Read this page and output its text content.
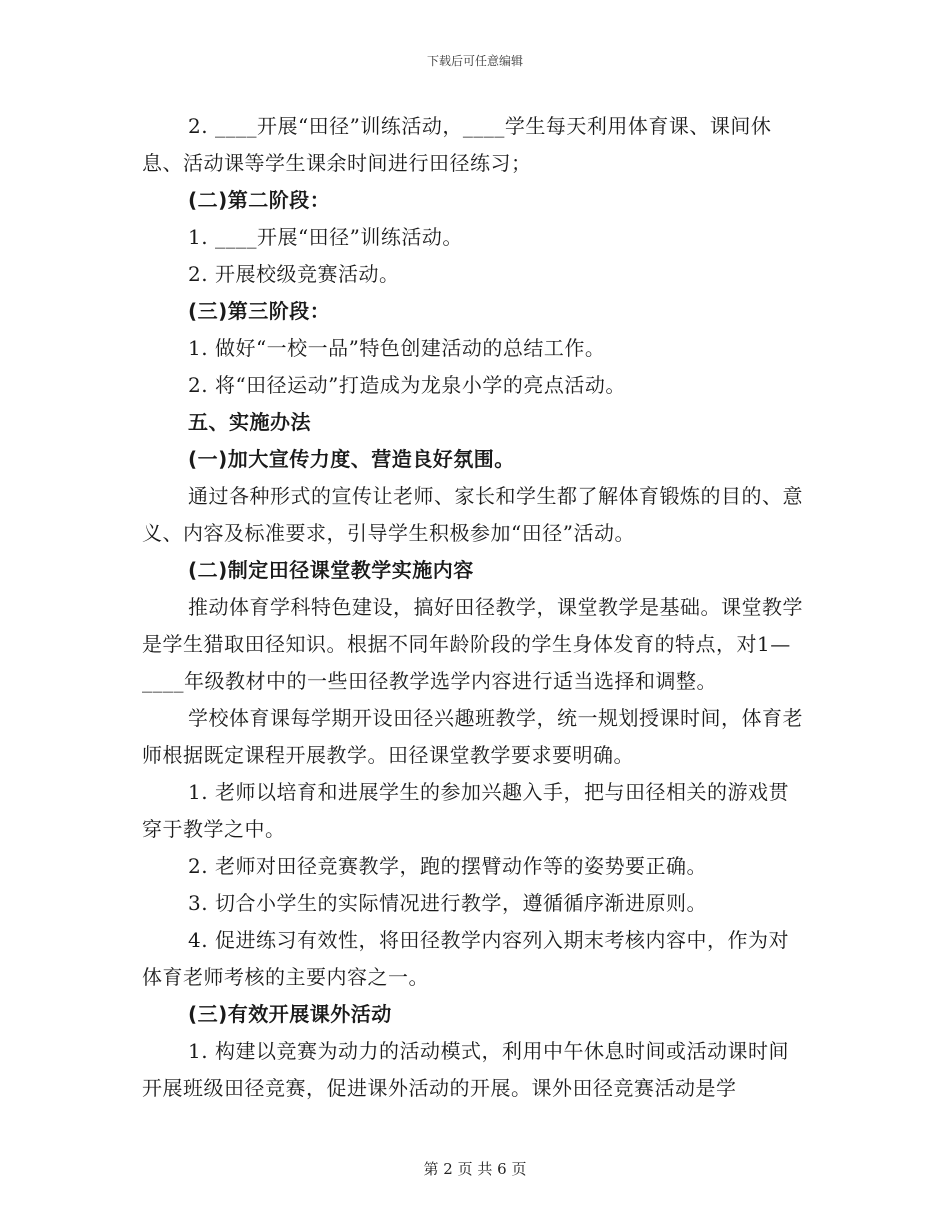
下载后可任意编辑

2. ____开展“田径”训练活动，____学生每天利用体育课、课间休息、活动课等学生课余时间进行田径练习；

(二)第二阶段：

1. ____开展“田径”训练活动。

2. 开展校级竞赛活动。

(三)第三阶段：

1. 做好“一校一品”特色创建活动的总结工作。

2. 将“田径运动”打造成为龙泉小学的亮点活动。

五、实施办法

(一)加大宣传力度、营造良好氛围。

通过各种形式的宣传让老师、家长和学生都了解体育锻炼的目的、意义、内容及标准要求，引导学生积极参加“田径”活动。

(二)制定田径课堂教学实施内容

推动体育学科特色建设，搞好田径教学，课堂教学是基础。课堂教学是学生猎取田径知识。根据不同年龄阶段的学生身体发育的特点，对1—____年级教材中的一些田径教学选学内容进行适当选择和调整。

学校体育课每学期开设田径兴趣班教学，统一规划授课时间，体育老师根据既定课程开展教学。田径课堂教学要求要明确。

1. 老师以培育和进展学生的参加兴趣入手，把与田径相关的游戏贯穿于教学之中。

2. 老师对田径竞赛教学，跑的摆臂动作等的姿势要正确。

3. 切合小学生的实际情况进行教学，遵循循序渐进原则。

4. 促进练习有效性，将田径教学内容列入期末考核内容中，作为对体育老师考核的主要内容之一。

(三)有效开展课外活动

1. 构建以竞赛为动力的活动模式，利用中午休息时间或活动课时间开展班级田径竞赛，促进课外活动的开展。课外田径竞赛活动是学

第 2 页 共 6 页
